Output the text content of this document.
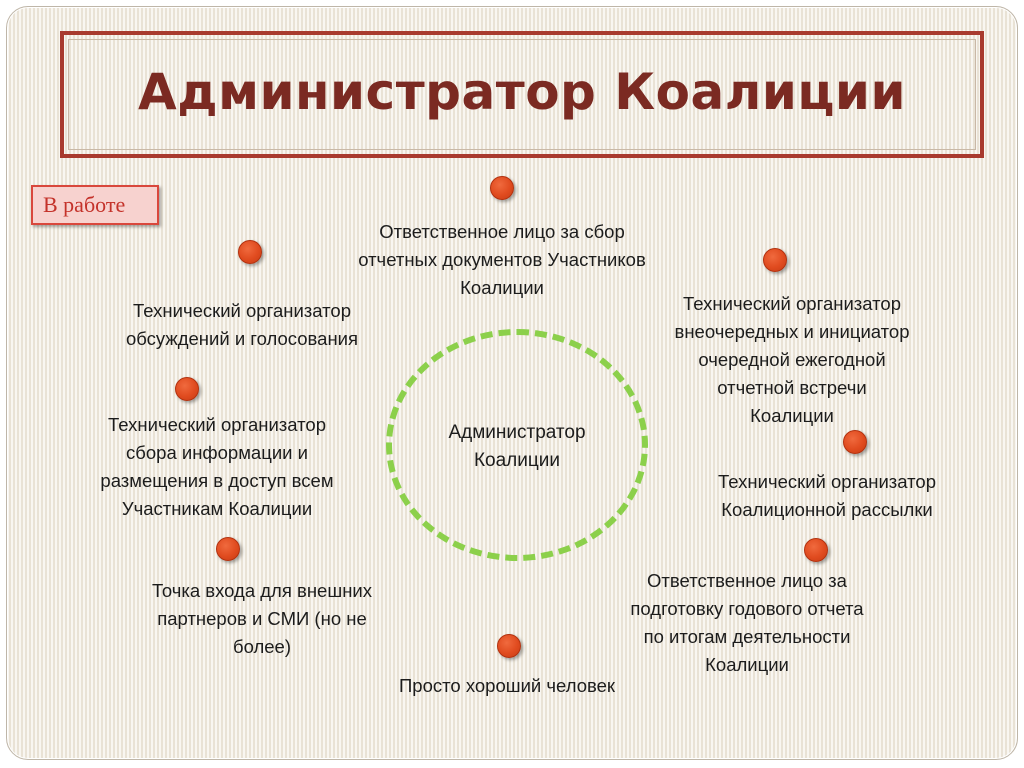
Администратор Коалиции
В работе
Администратор
Коалиции
Ответственное лицо за сбор
отчетных документов Участников
Коалиции
Технический организатор
обсуждений и голосования
Технический организатор
внеочередных и инициатор
очередной ежегодной
отчетной встречи
Коалиции
Технический организатор
сбора информации и
размещения в доступ всем
Участникам Коалиции
Технический организатор
Коалиционной рассылки
Точка входа для внешних
партнеров и СМИ (но не
более)
Ответственное лицо за
подготовку годового отчета
по итогам деятельности
Коалиции
Просто хороший человек
